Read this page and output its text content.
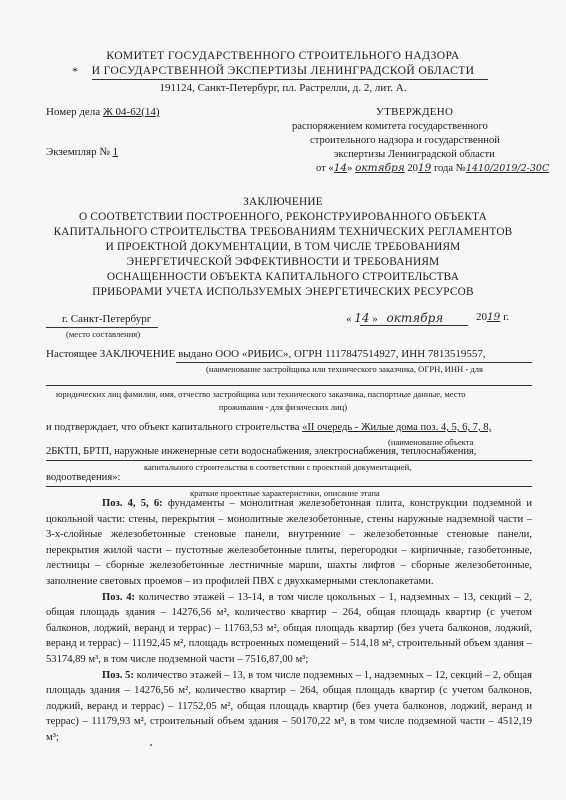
*
КОМИТЕТ ГОСУДАРСТВЕННОГО СТРОИТЕЛЬНОГО НАДЗОРА
И ГОСУДАРСТВЕННОЙ ЭКСПЕРТИЗЫ ЛЕНИНГРАДСКОЙ ОБЛАСТИ
191124, Санкт-Петербург, пл. Растрелли, д. 2, лит. А.
Номер дела Ж 04-62(14)
Экземпляр № 1
УТВЕРЖДЕНО
распоряжением комитета государственного
строительного надзора и государственной
экспертизы Ленинградской области
от «14» октября 2019 года №1410/2019/2-30С
ЗАКЛЮЧЕНИЕ
О СООТВЕТСТВИИ ПОСТРОЕННОГО, РЕКОНСТРУИРОВАННОГО ОБЪЕКТА
КАПИТАЛЬНОГО СТРОИТЕЛЬСТВА ТРЕБОВАНИЯМ ТЕХНИЧЕСКИХ РЕГЛАМЕНТОВ
И ПРОЕКТНОЙ ДОКУМЕНТАЦИИ, В ТОМ ЧИСЛЕ ТРЕБОВАНИЯМ
ЭНЕРГЕТИЧЕСКОЙ ЭФФЕКТИВНОСТИ И ТРЕБОВАНИЯМ
ОСНАЩЕННОСТИ ОБЪЕКТА КАПИТАЛЬНОГО СТРОИТЕЛЬСТВА
ПРИБОРАМИ УЧЕТА ИСПОЛЬЗУЕМЫХ ЭНЕРГЕТИЧЕСКИХ РЕСУРСОВ
г. Санкт-Петербург
(место составления)
« 14 » октября	2019 г.
Настоящее ЗАКЛЮЧЕНИЕ выдано ООО «РИБИС», ОГРН 1117847514927, ИНН 7813519557,
(наименование застройщика или технического заказчика, ОГРН, ИНН - для
юридических лиц фамилия, имя, отчество застройщика или технического заказчика, паспортные данные, место
проживания - для физических лиц)
и подтверждает, что объект капитального строительства «II очередь - Жилые дома поз. 4, 5, 6, 7, 8,
(наименование объекта
2БКТП, БРТП, наружные инженерные сети водоснабжения, электроснабжения, теплоснабжения,
капитального строительства в соответствии с проектной документацией,
водоотведения»:
краткие проектные характеристики, описание этапа

Поз. 4, 5, 6: фундаменты – монолитная железобетонная плита, конструкции подземной и цокольной части: стены, перекрытия – монолитные железобетонные, стены наружные надземной части – 3-х-слойные железобетонные стеновые панели, внутренние – железобетонные стеновые панели, перекрытия жилой части – пустотные железобетонные плиты, перегородки – кирпичные, газобетонные, лестницы – сборные железобетонные лестничные марши, шахты лифтов – сборные железобетонные, заполнение световых проемов – из профилей ПВХ с двухкамерными стеклопакетами.

Поз. 4: количество этажей – 13-14, в том числе цокольных – 1, надземных – 13, секций – 2, общая площадь здания – 14276,56 м², количество квартир – 264, общая площадь квартир (с учетом балконов, лоджий, веранд и террас) – 11763,53 м², общая площадь квартир (без учета балконов, лоджий, веранд и террас) – 11192,45 м², площадь встроенных помещений – 514,18 м², строительный объем здания – 53174,89 м³, в том числе подземной части – 7516,87,00 м³;

Поз. 5: количество этажей – 13, в том числе подземных – 1, надземных – 12, секций – 2, общая площадь здания – 14276,56 м², количество квартир – 264, общая площадь квартир (с учетом балконов, лоджий, веранд и террас) – 11752,05 м², общая площадь квартир (без учета балконов, лоджий, веранд и террас) – 11179,93 м², строительный объем здания – 50170,22 м³, в том числе подземной части – 4512,19 м³;
